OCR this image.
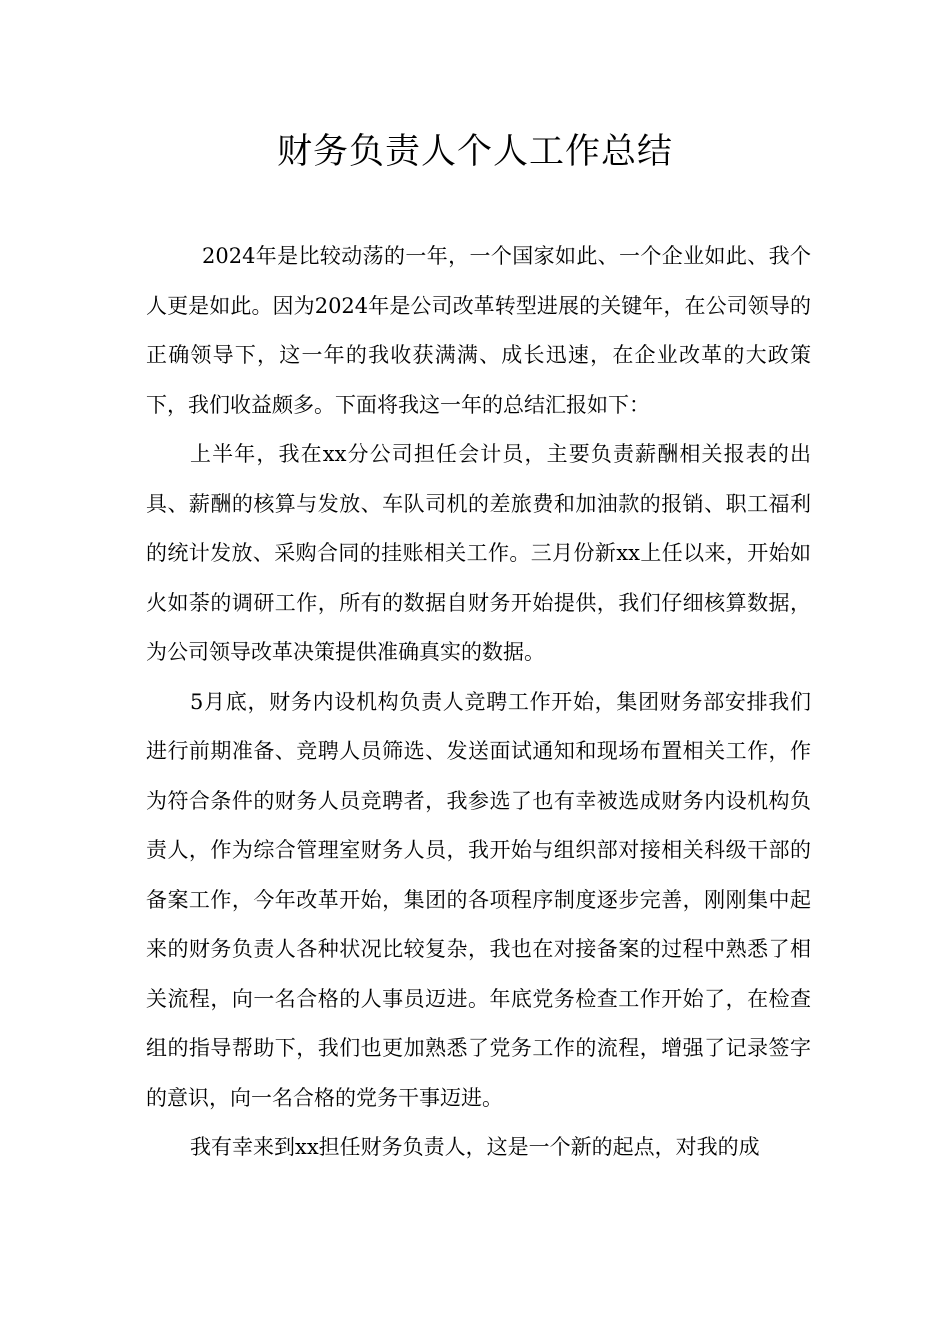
财务负责人个人工作总结

2024年是比较动荡的一年，一个国家如此、一个企业如此、我个人更是如此。因为2024年是公司改革转型进展的关键年，在公司领导的正确领导下，这一年的我收获满满、成长迅速，在企业改革的大政策下，我们收益颇多。下面将我这一年的总结汇报如下：

上半年，我在xx分公司担任会计员，主要负责薪酬相关报表的出具、薪酬的核算与发放、车队司机的差旅费和加油款的报销、职工福利的统计发放、采购合同的挂账相关工作。三月份新xx上任以来，开始如火如荼的调研工作，所有的数据自财务开始提供，我们仔细核算数据，为公司领导改革决策提供准确真实的数据。

5月底，财务内设机构负责人竞聘工作开始，集团财务部安排我们进行前期准备、竞聘人员筛选、发送面试通知和现场布置相关工作，作为符合条件的财务人员竞聘者，我参选了也有幸被选成财务内设机构负责人，作为综合管理室财务人员，我开始与组织部对接相关科级干部的备案工作，今年改革开始，集团的各项程序制度逐步完善，刚刚集中起来的财务负责人各种状况比较复杂，我也在对接备案的过程中熟悉了相关流程，向一名合格的人事员迈进。年底党务检查工作开始了，在检查组的指导帮助下，我们也更加熟悉了党务工作的流程，增强了记录签字的意识，向一名合格的党务干事迈进。

我有幸来到xx担任财务负责人，这是一个新的起点，对我的成
